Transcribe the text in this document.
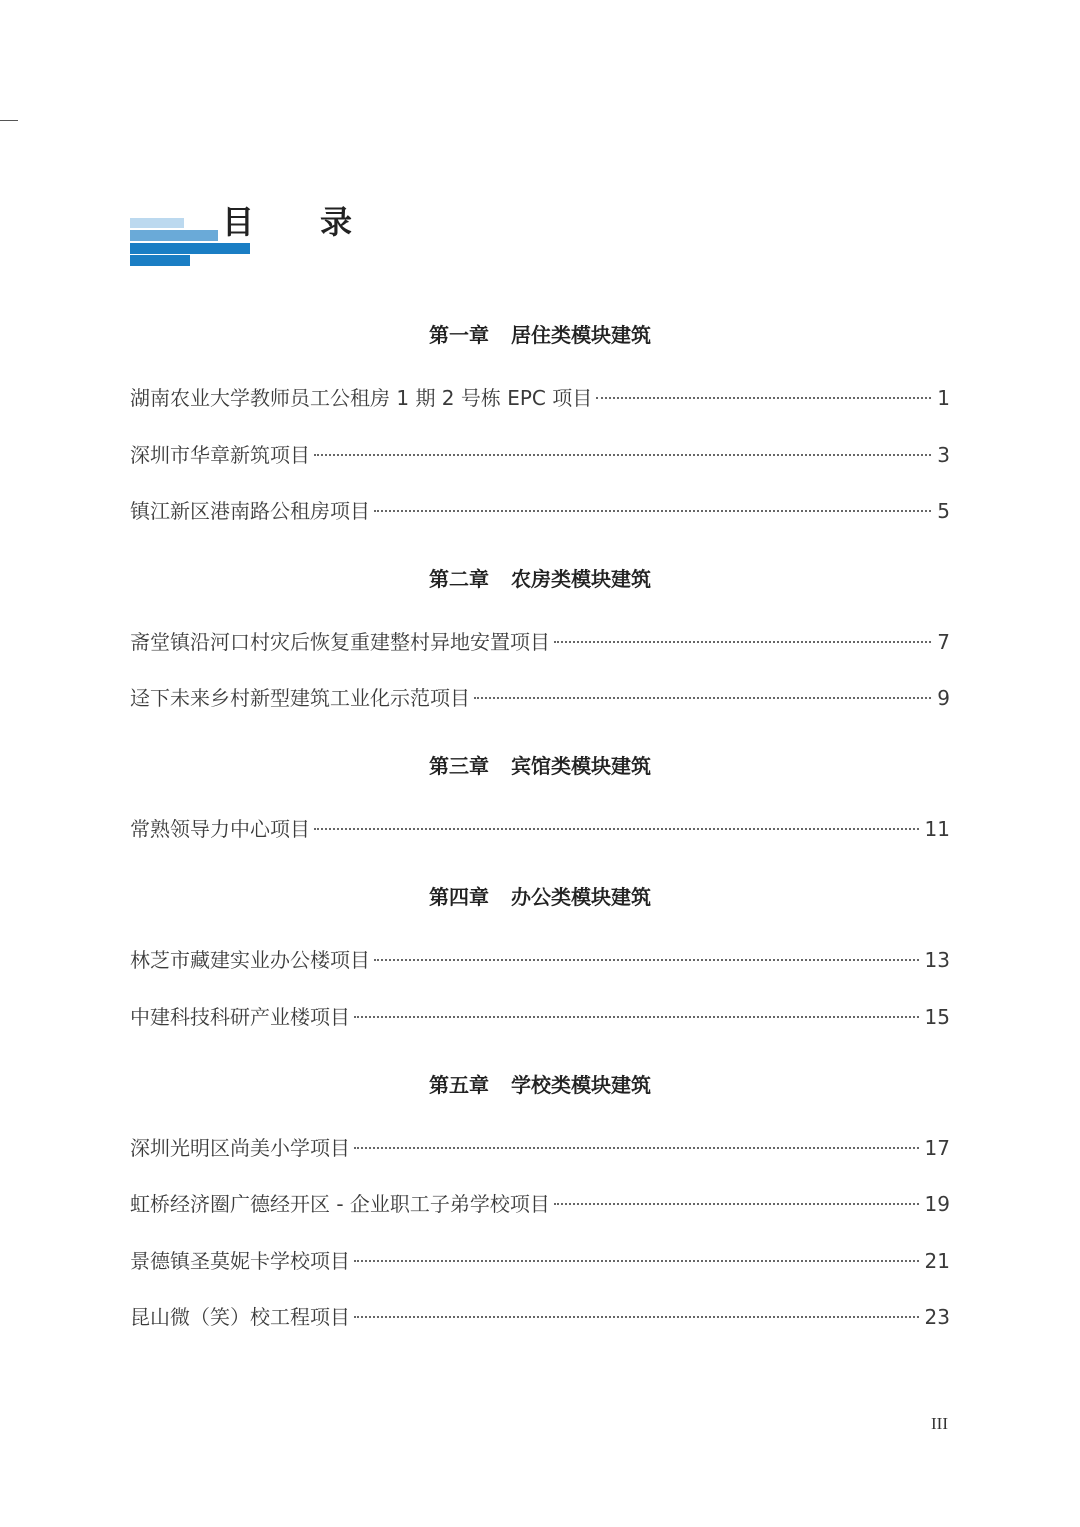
目 录
第一章 居住类模块建筑
湖南农业大学教师员工公租房 1 期 2 号栋 EPC 项目	1
深圳市华章新筑项目	3
镇江新区港南路公租房项目	5
第二章 农房类模块建筑
斋堂镇沿河口村灾后恢复重建整村异地安置项目	7
迳下未来乡村新型建筑工业化示范项目	9
第三章 宾馆类模块建筑
常熟领导力中心项目	11
第四章 办公类模块建筑
林芝市藏建实业办公楼项目	13
中建科技科研产业楼项目	15
第五章 学校类模块建筑
深圳光明区尚美小学项目	17
虹桥经济圈广德经开区 - 企业职工子弟学校项目	19
景德镇圣莫妮卡学校项目	21
昆山微（笑）校工程项目	23
III
